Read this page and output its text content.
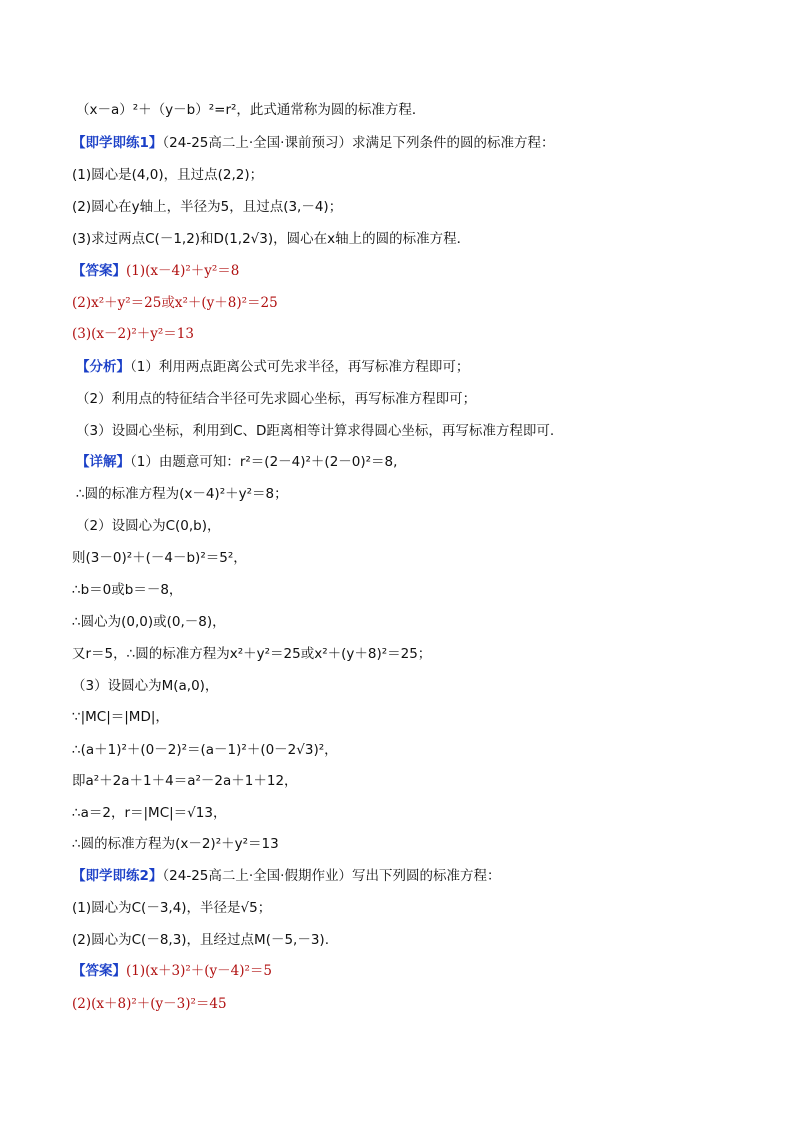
（x－a）²＋（y－b）²=r²，此式通常称为圆的标准方程．
【即学即练1】（24-25高二上·全国·课前预习）求满足下列条件的圆的标准方程：
(1)圆心是(4,0)，且过点(2,2)；
(2)圆心在y轴上，半径为5，且过点(3,－4)；
(3)求过两点C(－1,2)和D(1,2√3)，圆心在x轴上的圆的标准方程．
【答案】(1)(x－4)²＋y²＝8
(2)x²＋y²＝25或x²＋(y＋8)²＝25
(3)(x－2)²＋y²＝13
【分析】（1）利用两点距离公式可先求半径，再写标准方程即可；
（2）利用点的特征结合半径可先求圆心坐标，再写标准方程即可；
（3）设圆心坐标，利用到C、D距离相等计算求得圆心坐标，再写标准方程即可.
【详解】（1）由题意可知：r²＝(2－4)²＋(2－0)²＝8,
∴圆的标准方程为(x－4)²＋y²＝8；
（2）设圆心为C(0,b)，
则(3－0)²＋(－4－b)²＝5²，
∴b＝0或b＝－8，
∴圆心为(0,0)或(0,－8)，
又r＝5，∴圆的标准方程为x²＋y²＝25或x²＋(y＋8)²＝25；
（3）设圆心为M(a,0)，
∵|MC|＝|MD|，
∴(a＋1)²＋(0－2)²＝(a－1)²＋(0－2√3)²，
即a²＋2a＋1＋4＝a²－2a＋1＋12，
∴a＝2，r＝|MC|＝√13，
∴圆的标准方程为(x－2)²＋y²＝13
【即学即练2】（24-25高二上·全国·假期作业）写出下列圆的标准方程：
(1)圆心为C(－3,4)，半径是√5；
(2)圆心为C(－8,3)，且经过点M(－5,－3).
【答案】(1)(x＋3)²＋(y－4)²＝5
(2)(x＋8)²＋(y－3)²＝45
